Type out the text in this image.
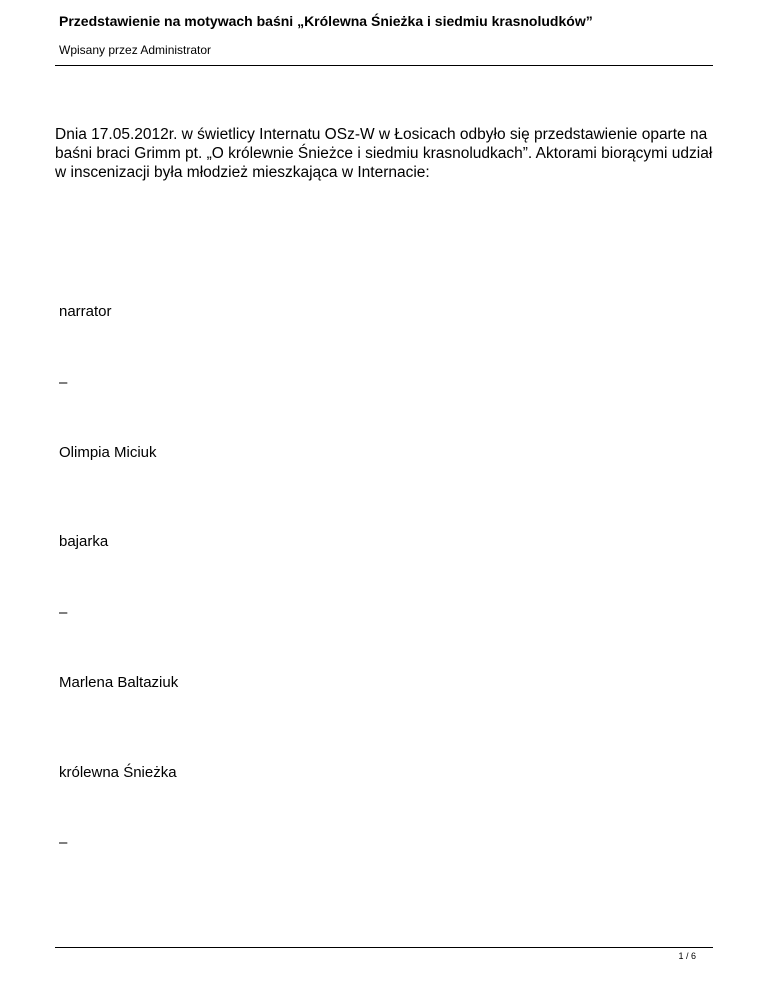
Przedstawienie na motywach baśni „Królewna Śnieżka i siedmiu krasnoludków”
Wpisany przez Administrator
Dnia 17.05.2012r. w świetlicy Internatu OSz-W w Łosicach odbyło się przedstawienie oparte na
baśni braci Grimm pt. „O królewnie Śnieżce i siedmiu krasnoludkach”. Aktorami biorącymi udział
w inscenizacji była młodzież mieszkająca w Internacie:
narrator
–
Olimpia Miciuk
bajarka
–
Marlena Baltaziuk
królewna Śnieżka
–
1 / 6
